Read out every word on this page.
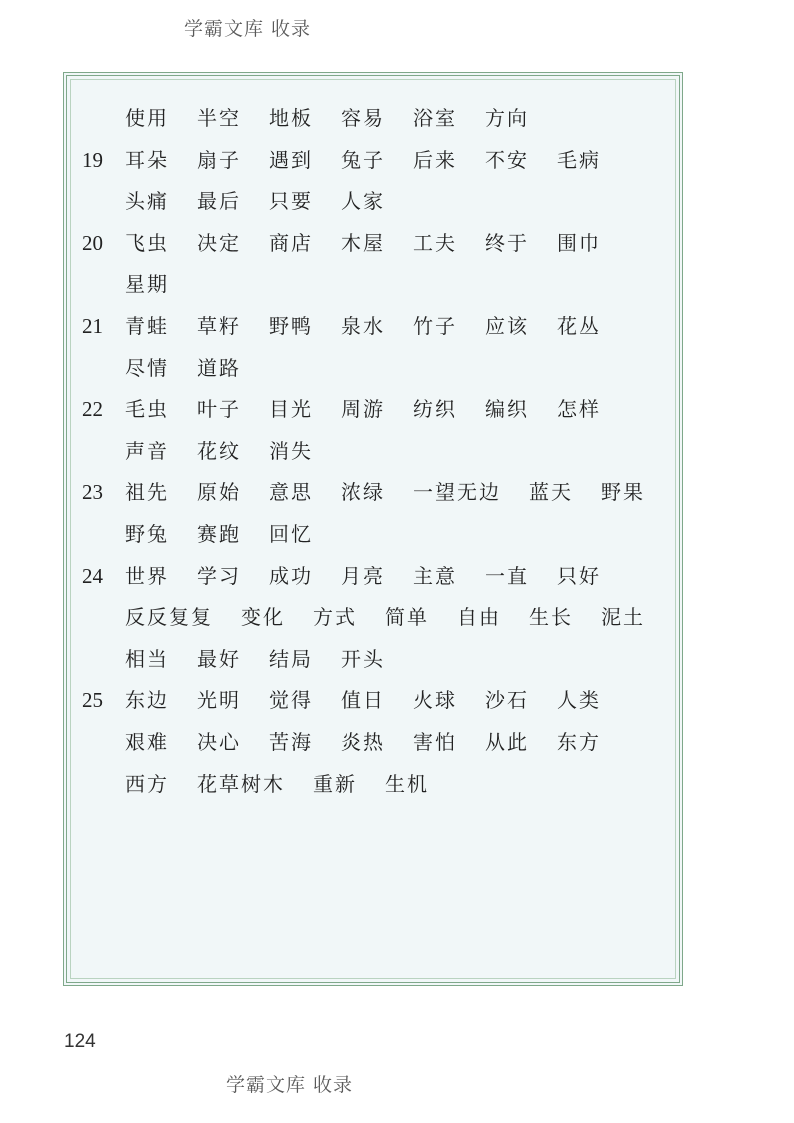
学霸文库 收录
使用 半空 地板 容易 浴室 方向
19	耳朵 扇子 遇到 兔子 后来 不安 毛病
头痛 最后 只要 人家
20	飞虫 决定 商店 木屋 工夫 终于 围巾
星期
21	青蛙 草籽 野鸭 泉水 竹子 应该 花丛
尽情 道路
22	毛虫 叶子 目光 周游 纺织 编织 怎样
声音 花纹 消失
23	祖先 原始 意思 浓绿 一望无边 蓝天 野果
野兔 赛跑 回忆
24	世界 学习 成功 月亮 主意 一直 只好
反反复复 变化 方式 简单 自由 生长 泥土
相当 最好 结局 开头
25	东边 光明 觉得 值日 火球 沙石 人类
艰难 决心 苦海 炎热 害怕 从此 东方
西方 花草树木 重新 生机
124
学霸文库 收录
